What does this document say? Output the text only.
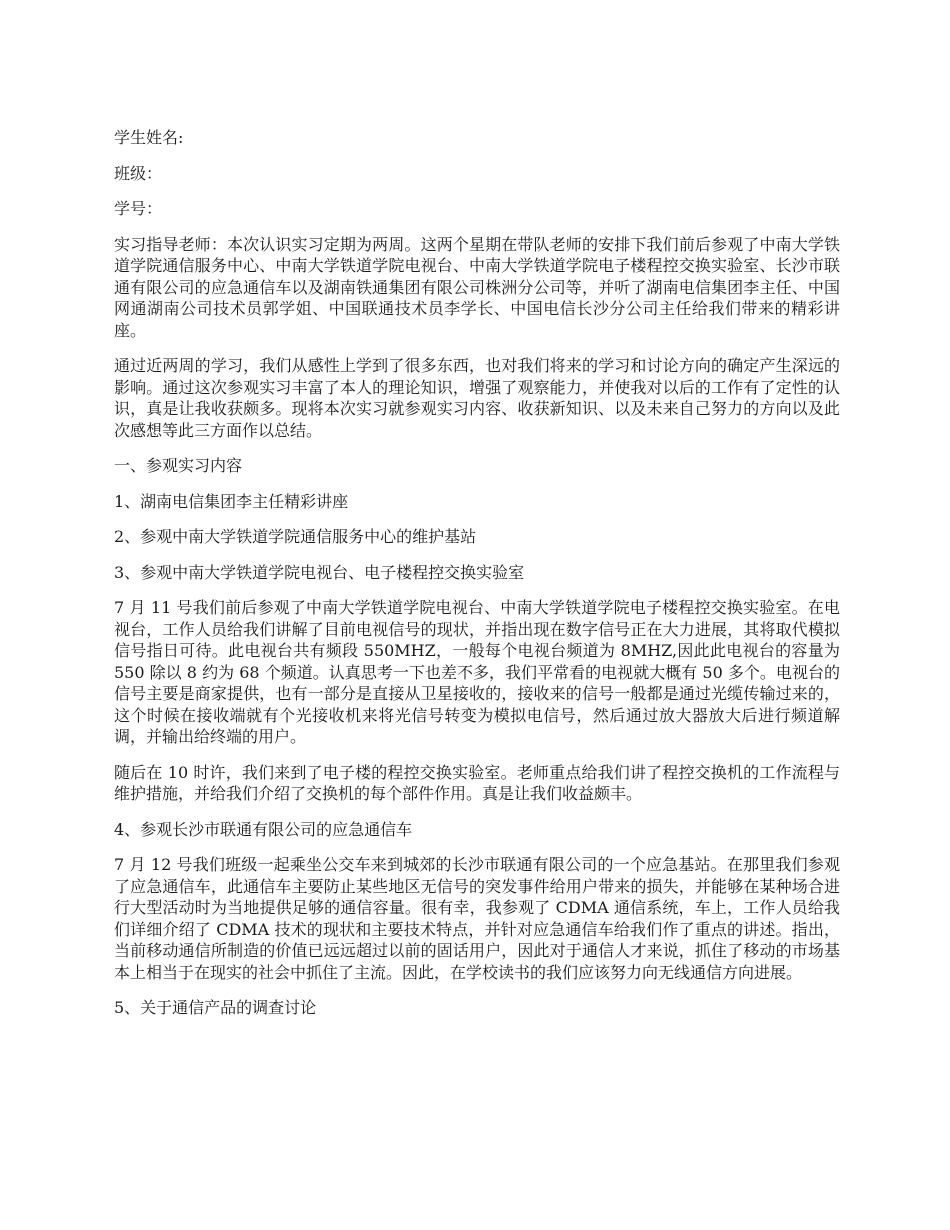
学生姓名:

班级：

学号：

实习指导老师：本次认识实习定期为两周。这两个星期在带队老师的安排下我们前后参观了中南大学铁道学院通信服务中心、中南大学铁道学院电视台、中南大学铁道学院电子楼程控交换实验室、长沙市联通有限公司的应急通信车以及湖南铁通集团有限公司株洲分公司等，并听了湖南电信集团李主任、中国网通湖南公司技术员郭学姐、中国联通技术员李学长、中国电信长沙分公司主任给我们带来的精彩讲座。

通过近两周的学习，我们从感性上学到了很多东西，也对我们将来的学习和讨论方向的确定产生深远的影响。通过这次参观实习丰富了本人的理论知识，增强了观察能力，并使我对以后的工作有了定性的认识，真是让我收获颇多。现将本次实习就参观实习内容、收获新知识、以及未来自己努力的方向以及此次感想等此三方面作以总结。

一、参观实习内容

1、湖南电信集团李主任精彩讲座

2、参观中南大学铁道学院通信服务中心的维护基站

3、参观中南大学铁道学院电视台、电子楼程控交换实验室

7 月 11 号我们前后参观了中南大学铁道学院电视台、中南大学铁道学院电子楼程控交换实验室。在电视台，工作人员给我们讲解了目前电视信号的现状，并指出现在数字信号正在大力进展，其将取代模拟信号指日可待。此电视台共有频段 550MHZ，一般每个电视台频道为 8MHZ,因此此电视台的容量为 550 除以 8 约为 68 个频道。认真思考一下也差不多，我们平常看的电视就大概有 50 多个。电视台的信号主要是商家提供，也有一部分是直接从卫星接收的，接收来的信号一般都是通过光缆传输过来的，这个时候在接收端就有个光接收机来将光信号转变为模拟电信号，然后通过放大器放大后进行频道解调，并输出给终端的用户。

随后在 10 时许，我们来到了电子楼的程控交换实验室。老师重点给我们讲了程控交换机的工作流程与维护措施，并给我们介绍了交换机的每个部件作用。真是让我们收益颇丰。

4、参观长沙市联通有限公司的应急通信车

7 月 12 号我们班级一起乘坐公交车来到城郊的长沙市联通有限公司的一个应急基站。在那里我们参观了应急通信车，此通信车主要防止某些地区无信号的突发事件给用户带来的损失，并能够在某种场合进行大型活动时为当地提供足够的通信容量。很有幸，我参观了 CDMA 通信系统，车上，工作人员给我们详细介绍了 CDMA 技术的现状和主要技术特点，并针对应急通信车给我们作了重点的讲述。指出，当前移动通信所制造的价值已远远超过以前的固话用户，因此对于通信人才来说，抓住了移动的市场基本上相当于在现实的社会中抓住了主流。因此，在学校读书的我们应该努力向无线通信方向进展。

5、关于通信产品的调查讨论
